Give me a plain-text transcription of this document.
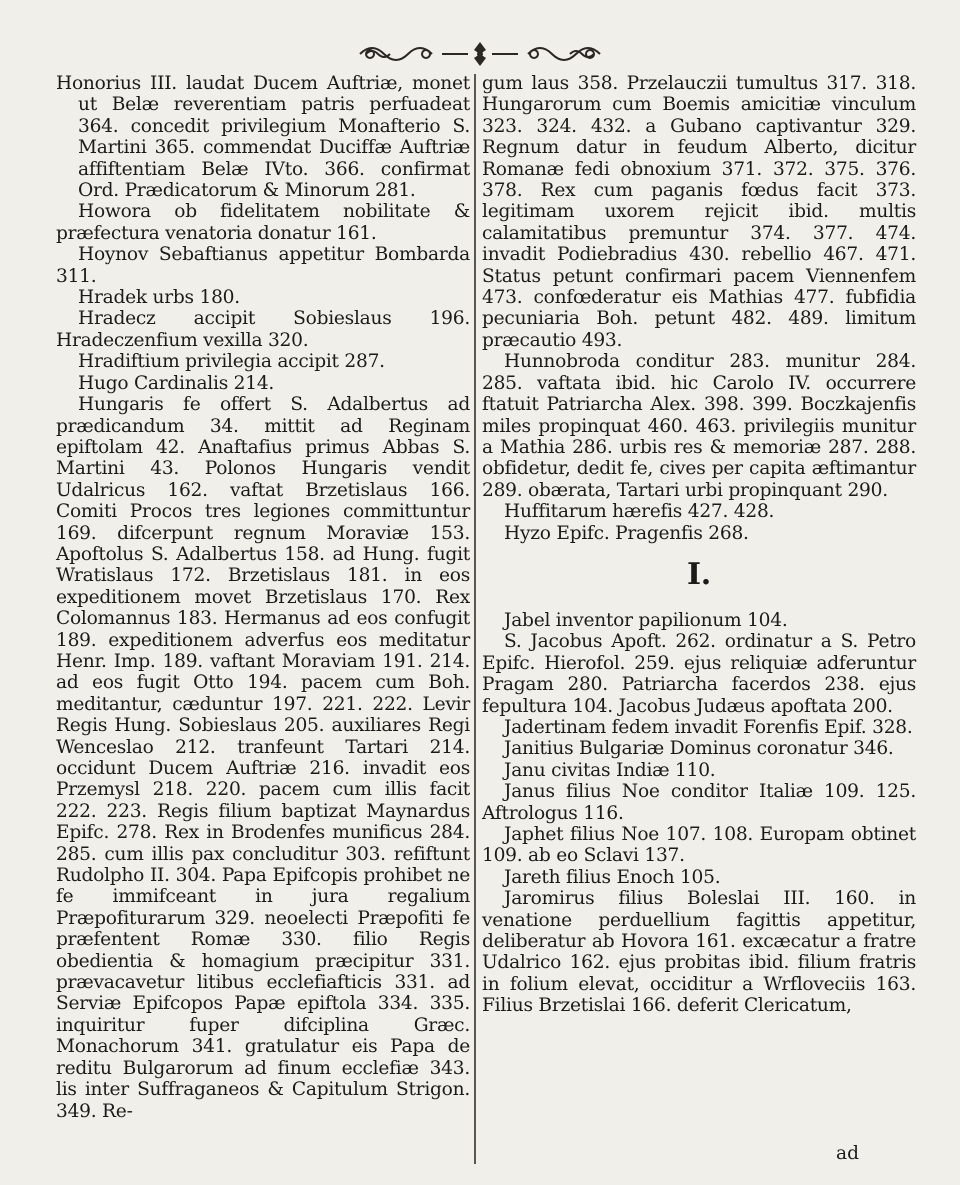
Honorius III. laudat Ducem Auftriæ, monet ut Belæ reverentiam patris perfuadeat 364. concedit privilegium Monafterio S. Martini 365. commendat Duciffæ Auftriæ affiftentiam Belæ IVto. 366. confirmat Ord. Prædicatorum & Minorum 281.

Howora ob fidelitatem nobilitate & præfectura venatoria donatur 161.

Hoynov Sebaftianus appetitur Bombarda 311.

Hradek urbs 180.

Hradecz accipit Sobieslaus 196. Hradeczenfium vexilla 320.

Hradiftium privilegia accipit 287.

Hugo Cardinalis 214.

Hungaris fe offert S. Adalbertus ad prædicandum 34. mittit ad Reginam epiftolam 42. Anaftafius primus Abbas S. Martini 43. Polonos Hungaris vendit Udalricus 162. vaftat Brzetislaus 166. Comiti Procos tres legiones committuntur 169. difcerpunt regnum Moraviæ 153. Apoftolus S. Adalbertus 158. ad Hung. fugit Wratislaus 172. Brzetislaus 181. in eos expeditionem movet Brzetislaus 170. Rex Colomannus 183. Hermanus ad eos confugit 189. expeditionem adverfus eos meditatur Henr. Imp. 189. vaftant Moraviam 191. 214. ad eos fugit Otto 194. pacem cum Boh. meditantur, cæduntur 197. 221. 222. Levir Regis Hung. Sobieslaus 205. auxiliares Regi Wenceslao 212. tranfeunt Tartari 214. occidunt Ducem Auftriæ 216. invadit eos Przemysl 218. 220. pacem cum illis facit 222. 223. Regis filium baptizat Maynardus Epifc. 278. Rex in Brodenfes munificus 284. 285. cum illis pax concluditur 303. refiftunt Rudolpho II. 304. Papa Epifcopis prohibet ne fe immifceant in jura regalium Præpofiturarum 329. neoelecti Præpofiti fe præfentent Romæ 330. filio Regis obedientia & homagium præcipitur 331. prævacavetur litibus ecclefiafticis 331. ad Serviæ Epifcopos Papæ epiftola 334. 335. inquiritur fuper difciplina Græc. Monachorum 341. gratulatur eis Papa de reditu Bulgarorum ad finum ecclefiæ 343. lis inter Suffraganeos & Capitulum Strigon. 349. Re-

gum laus 358. Przelauczii tumultus 317. 318. Hungarorum cum Boemis amicitiæ vinculum 323. 324. 432. a Gubano captivantur 329. Regnum datur in feudum Alberto, dicitur Romanæ fedi obnoxium 371. 372. 375. 376. 378. Rex cum paganis fœdus facit 373. legitimam uxorem rejicit ibid. multis calamitatibus premuntur 374. 377. 474. invadit Podiebradius 430. rebellio 467. 471. Status petunt confirmari pacem Viennenfem 473. confœderatur eis Mathias 477. fubfidia pecuniaria Boh. petunt 482. 489. limitum præcautio 493.

Hunnobroda conditur 283. munitur 284. 285. vaftata ibid. hic Carolo IV. occurrere ftatuit Patriarcha Alex. 398. 399. Boczkajenfis miles propinquat 460. 463. privilegiis munitur a Mathia 286. urbis res & memoriæ 287. 288. obfidetur, dedit fe, cives per capita æftimantur 289. obærata, Tartari urbi propinquant 290.

Huffitarum hærefis 427. 428.

Hyzo Epifc. Pragenfis 268.

I.

Jabel inventor papilionum 104.

S. Jacobus Apoft. 262. ordinatur a S. Petro Epifc. Hierofol. 259. ejus reliquiæ adferuntur Pragam 280. Patriarcha facerdos 238. ejus fepultura 104. Jacobus Judæus apoftata 200.

Jadertinam fedem invadit Forenfis Epif. 328.

Janitius Bulgariæ Dominus coronatur 346.

Janu civitas Indiæ 110.

Janus filius Noe conditor Italiæ 109. 125. Aftrologus 116.

Japhet filius Noe 107. 108. Europam obtinet 109. ab eo Sclavi 137.

Jareth filius Enoch 105.

Jaromirus filius Boleslai III. 160. in venatione perduellium fagittis appetitur, deliberatur ab Hovora 161. excæcatur a fratre Udalrico 162. ejus probitas ibid. filium fratris in folium elevat, occiditur a Wrfloveciis 163. Filius Brzetislai 166. deferit Clericatum,

ad
